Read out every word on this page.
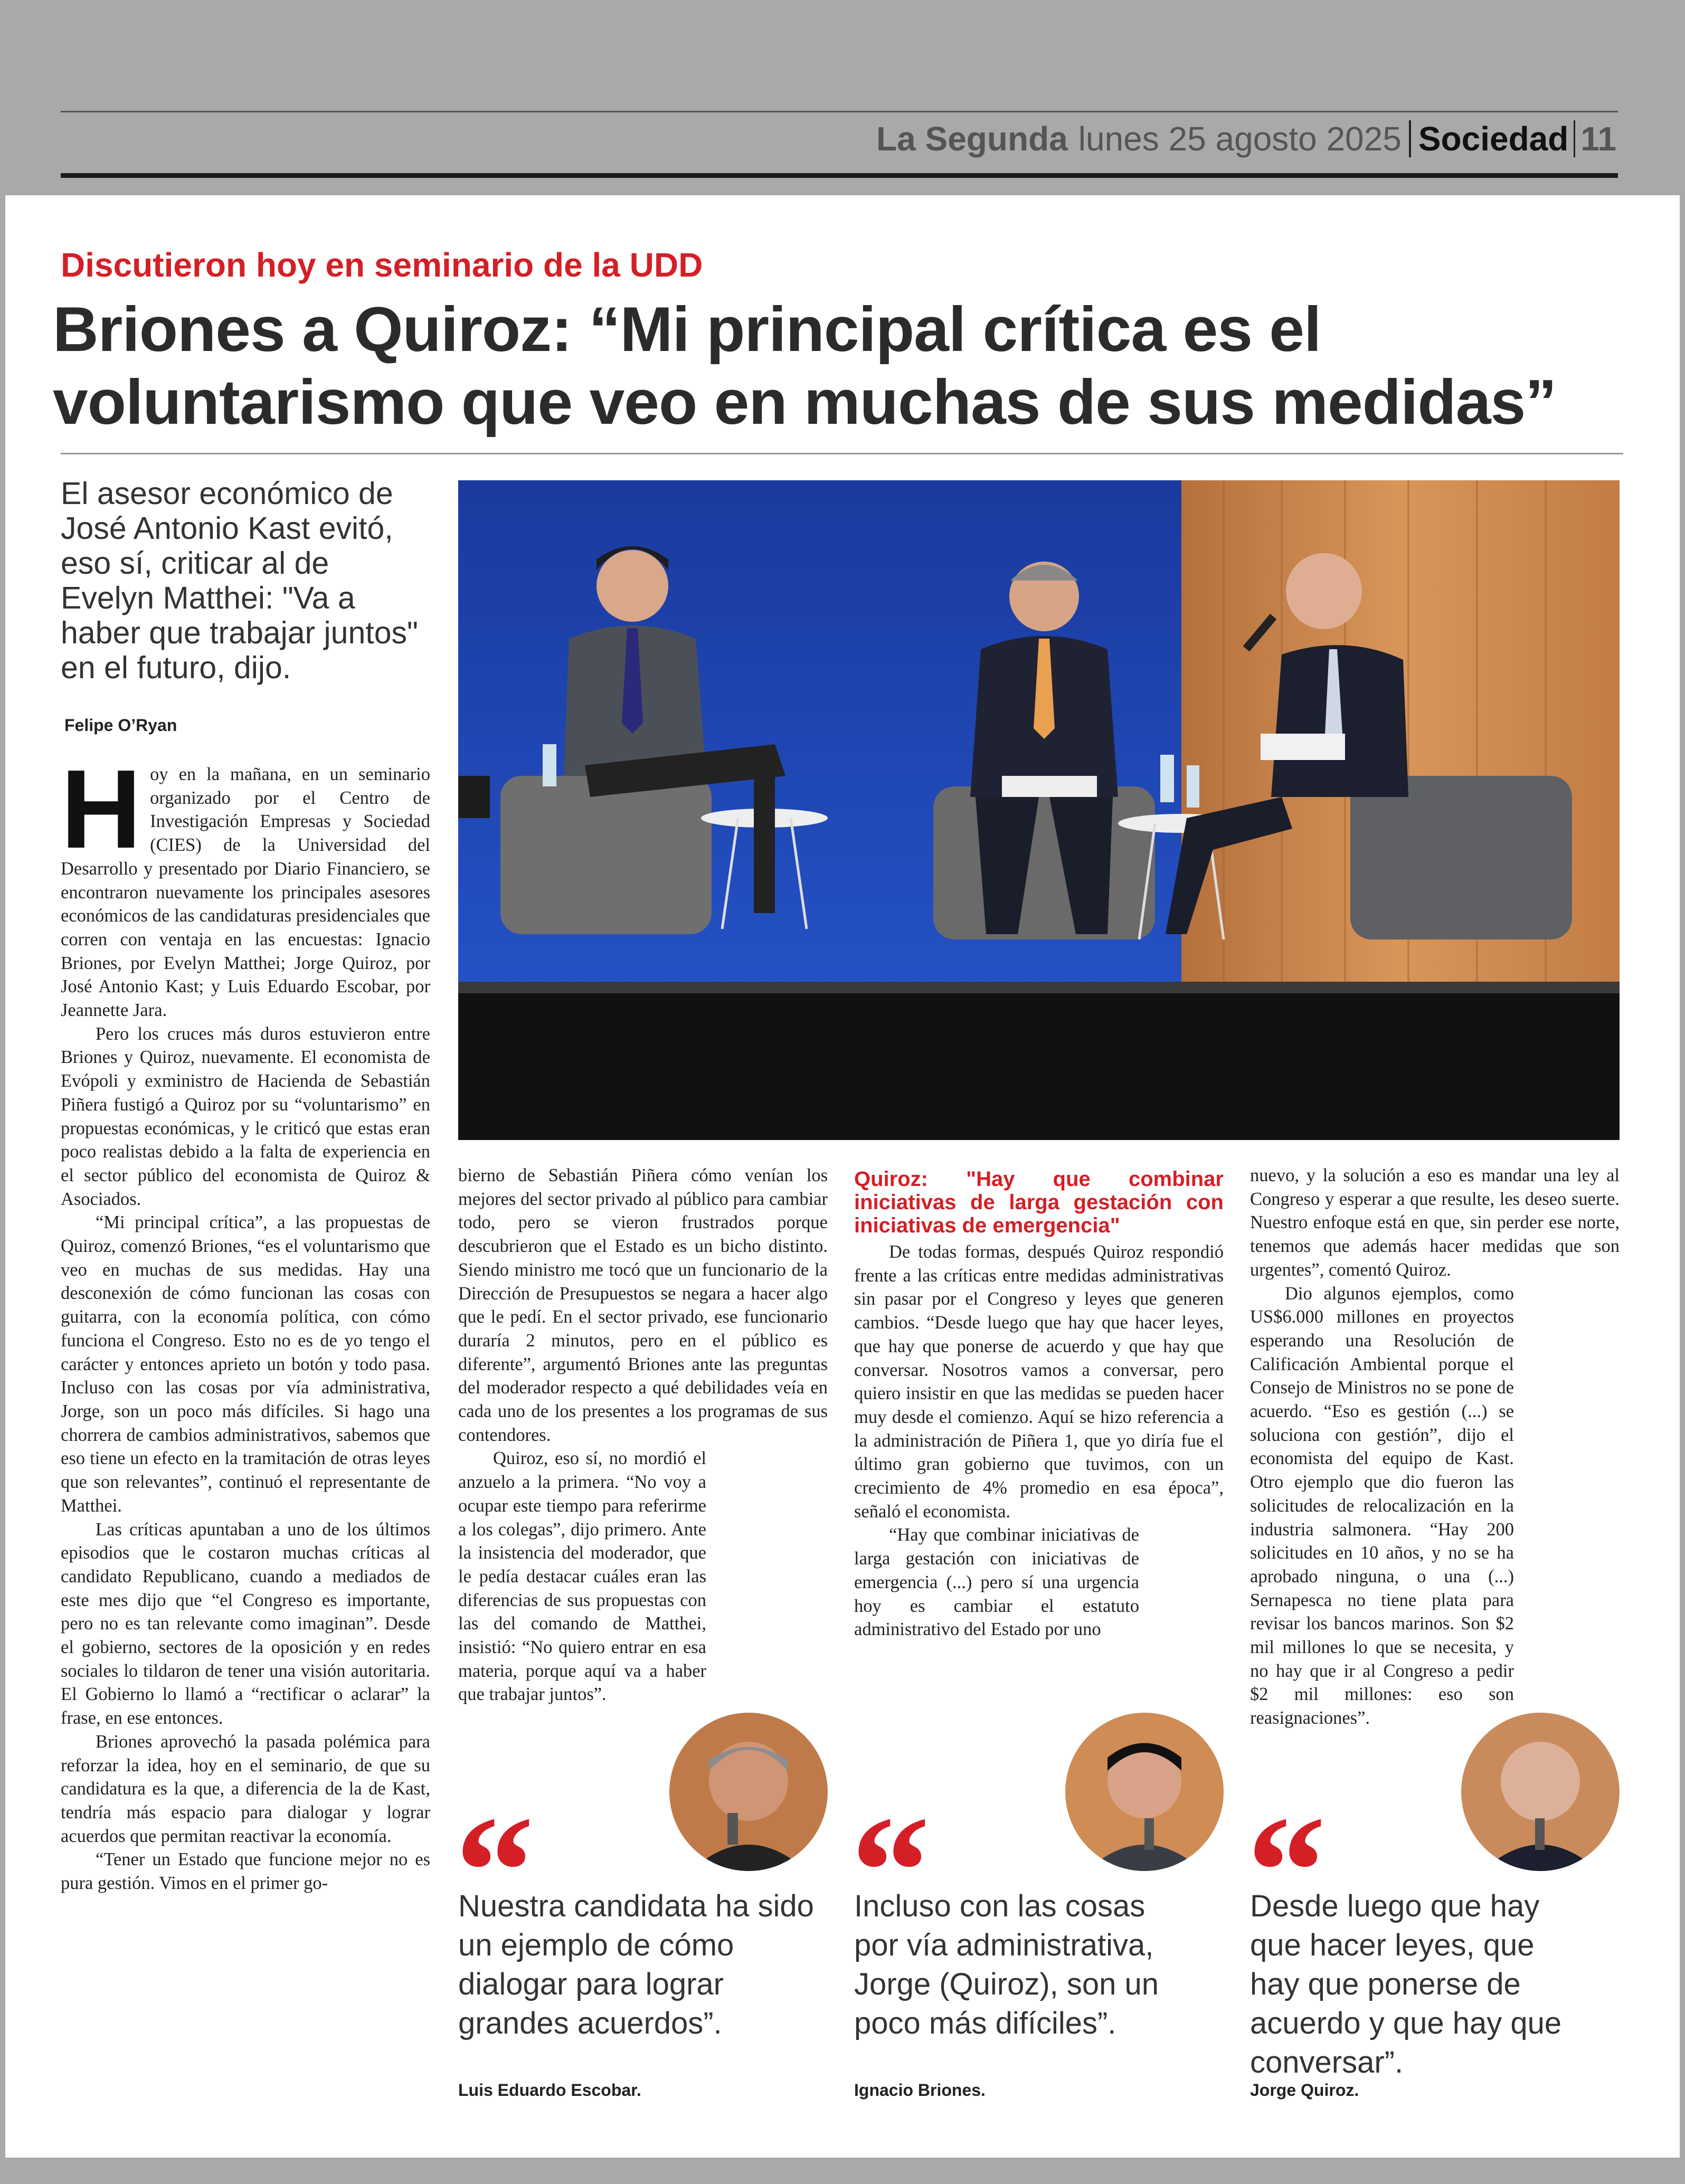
La Segunda lunes 25 agosto 2025 Sociedad 11
Discutieron hoy en seminario de la UDD
Briones a Quiroz: “Mi principal crítica es el
voluntarismo que veo en muchas de sus medidas”
El asesor económico de José Antonio Kast evitó, eso sí, criticar al de Evelyn Matthei: "Va a haber que trabajar juntos" en el futuro, dijo.
Felipe O’Ryan

Hoy en la mañana, en un seminario organizado por el Centro de Investigación Empresas y Sociedad (CIES) de la Universidad del Desarrollo y presentado por Diario Financiero, se encontraron nuevamente los principales asesores económicos de las candidaturas presidenciales que corren con ventaja en las encuestas: Ignacio Briones, por Evelyn Matthei; Jorge Quiroz, por José Antonio Kast; y Luis Eduardo Escobar, por Jeannette Jara.

Pero los cruces más duros estuvieron entre Briones y Quiroz, nuevamente. El economista de Evópoli y exministro de Hacienda de Sebastián Piñera fustigó a Quiroz por su “voluntarismo” en propuestas económicas, y le criticó que estas eran poco realistas debido a la falta de experiencia en el sector público del economista de Quiroz & Asociados.

“Mi principal crítica”, a las propuestas de Quiroz, comenzó Briones, “es el voluntarismo que veo en muchas de sus medidas. Hay una desconexión de cómo funcionan las cosas con guitarra, con la economía política, con cómo funciona el Congreso. Esto no es de yo tengo el carácter y entonces aprieto un botón y todo pasa. Incluso con las cosas por vía administrativa, Jorge, son un poco más difíciles. Si hago una chorrera de cambios administrativos, sabemos que eso tiene un efecto en la tramitación de otras leyes que son relevantes”, continuó el representante de Matthei.

Las críticas apuntaban a uno de los últimos episodios que le costaron muchas críticas al candidato Republicano, cuando a mediados de este mes dijo que “el Congreso es importante, pero no es tan relevante como imaginan”. Desde el gobierno, sectores de la oposición y en redes sociales lo tildaron de tener una visión autoritaria. El Gobierno lo llamó a “rectificar o aclarar” la frase, en ese entonces.

Briones aprovechó la pasada polémica para reforzar la idea, hoy en el seminario, de que su candidatura es la que, a diferencia de la de Kast, tendría más espacio para dialogar y lograr acuerdos que permitan reactivar la economía.

“Tener un Estado que funcione mejor no es pura gestión. Vimos en el primer go-

bierno de Sebastián Piñera cómo venían los mejores del sector privado al público para cambiar todo, pero se vieron frustrados porque descubrieron que el Estado es un bicho distinto. Siendo ministro me tocó que un funcionario de la Dirección de Presupuestos se negara a hacer algo que le pedí. En el sector privado, ese funcionario duraría 2 minutos, pero en el público es diferente”, argumentó Briones ante las preguntas del moderador respecto a qué debilidades veía en cada uno de los presentes a los programas de sus contendores.

Quiroz, eso sí, no mordió el anzuelo a la primera. “No voy a ocupar este tiempo para referirme a los colegas”, dijo primero. Ante la insistencia del moderador, que le pedía destacar cuáles eran las diferencias de sus propuestas con las del comando de Matthei, insistió: “No quiero entrar en esa materia, porque aquí va a haber que trabajar juntos”.

Quiroz: "Hay que combinar iniciativas de larga gestación con iniciativas de emergencia"

De todas formas, después Quiroz respondió frente a las críticas entre medidas administrativas sin pasar por el Congreso y leyes que generen cambios. “Desde luego que hay que hacer leyes, que hay que ponerse de acuerdo y que hay que conversar. Nosotros vamos a conversar, pero quiero insistir en que las medidas se pueden hacer muy desde el comienzo. Aquí se hizo referencia a la administración de Piñera 1, que yo diría fue el último gran gobierno que tuvimos, con un crecimiento de 4% promedio en esa época”, señaló el economista.

“Hay que combinar iniciativas de larga gestación con iniciativas de emergencia (...) pero sí una urgencia hoy es cambiar el estatuto administrativo del Estado por uno

nuevo, y la solución a eso es mandar una ley al Congreso y esperar a que resulte, les deseo suerte. Nuestro enfoque está en que, sin perder ese norte, tenemos que además hacer medidas que son urgentes”, comentó Quiroz.

Dio algunos ejemplos, como US$6.000 millones en proyectos esperando una Resolución de Calificación Ambiental porque el Consejo de Ministros no se pone de acuerdo. “Eso es gestión (...) se soluciona con gestión”, dijo el economista del equipo de Kast. Otro ejemplo que dio fueron las solicitudes de relocalización en la industria salmonera. “Hay 200 solicitudes en 10 años, y no se ha aprobado ninguna, o una (...) Sernapesca no tiene plata para revisar los bancos marinos. Son $2 mil millones lo que se necesita, y no hay que ir al Congreso a pedir $2 mil millones: eso son reasignaciones”.

“
Nuestra candidata ha sido un ejemplo de cómo dialogar para lograr grandes acuerdos”.
Luis Eduardo Escobar.
“
Incluso con las cosas por vía administrativa, Jorge (Quiroz), son un poco más difíciles”.
Ignacio Briones.
“
Desde luego que hay que hacer leyes, que hay que ponerse de acuerdo y que hay que conversar”.
Jorge Quiroz.
